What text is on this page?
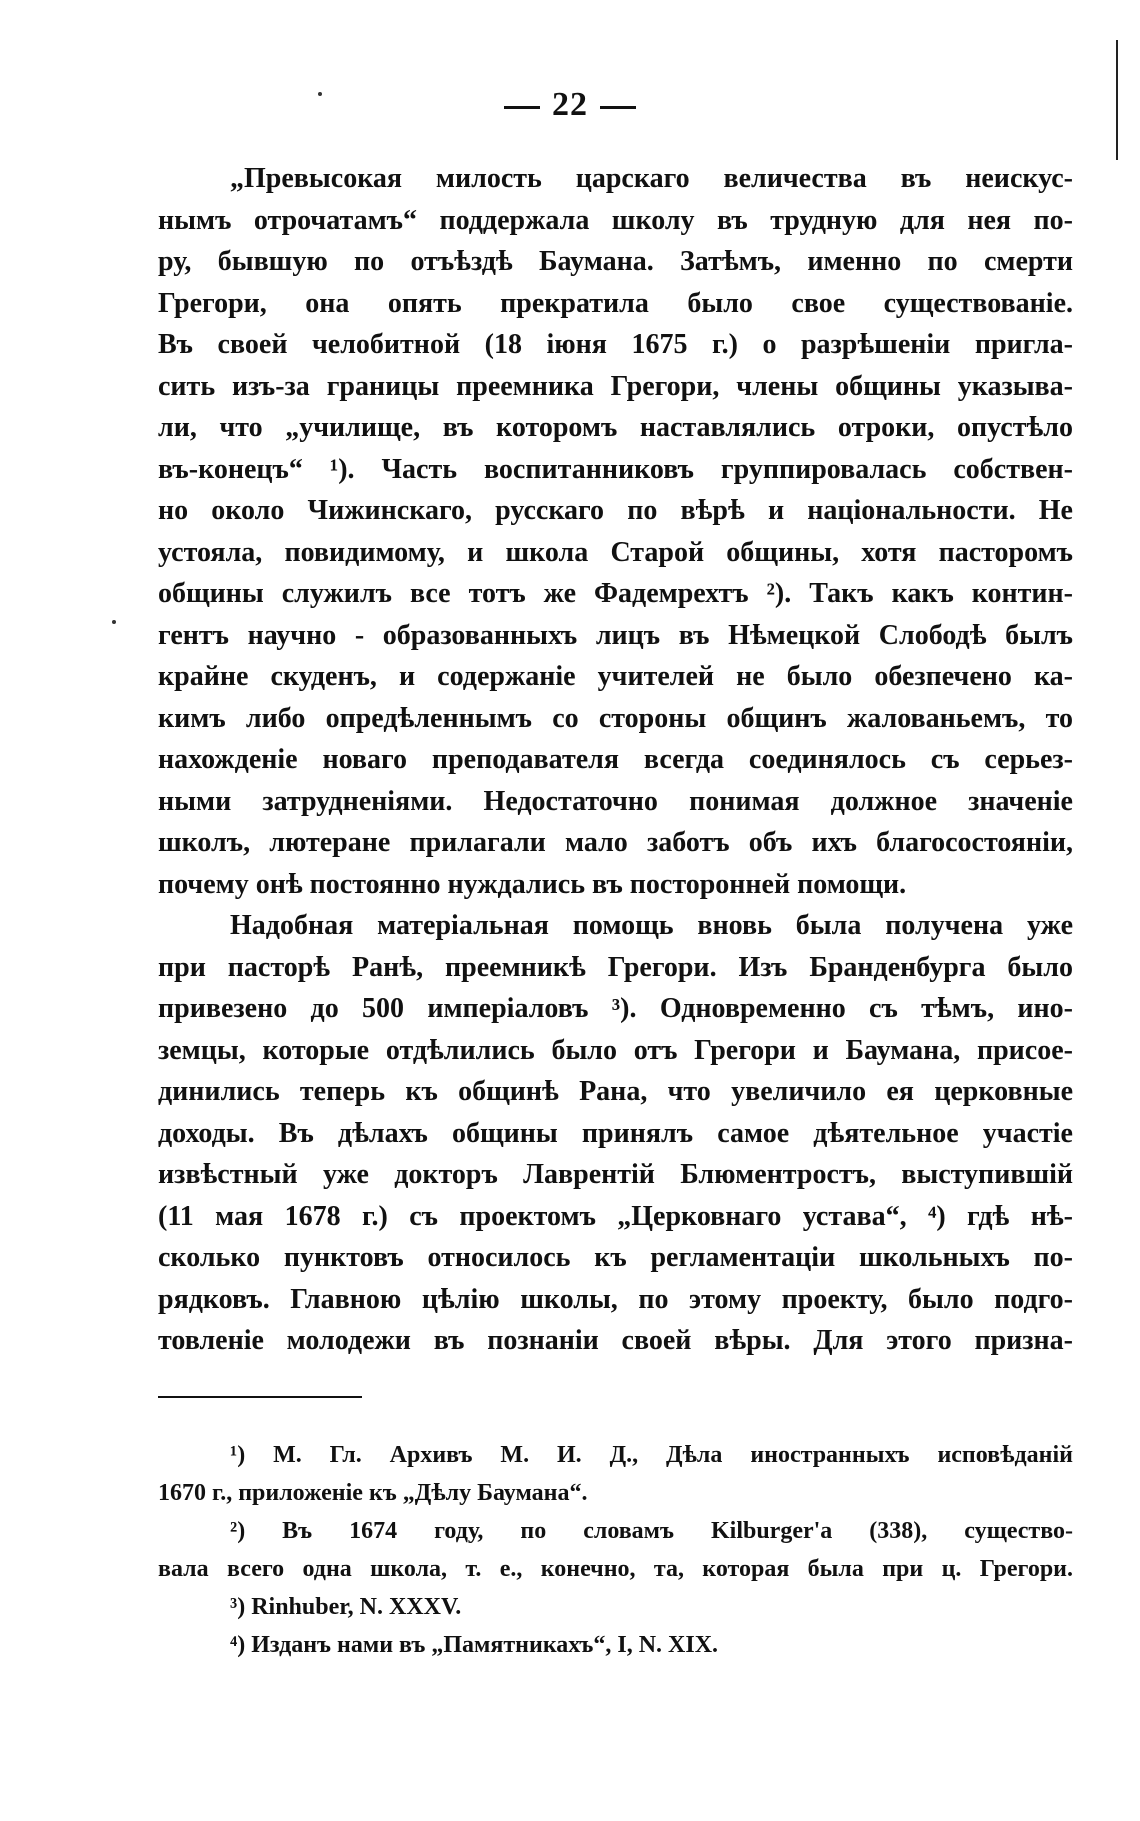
22
„Превысокая милость царскаго величества въ неискус-
нымъ отрочатамъ“ поддержала школу въ трудную для нея по-
ру, бывшую по отъѣздѣ Баумана. Затѣмъ, именно по смерти
Грегори, она опять прекратила было свое существованіе.
Въ своей челобитной (18 іюня 1675 г.) о разрѣшеніи пригла-
сить изъ-за границы преемника Грегори, члены общины указыва-
ли, что „училище, въ которомъ наставлялись отроки, опустѣло
въ-конецъ“ ¹). Часть воспитанниковъ группировалась собствен-
но около Чижинскаго, русскаго по вѣрѣ и національности. Не
устояла, повидимому, и школа Старой общины, хотя пасторомъ
общины служилъ все тотъ же Фадемрехтъ ²). Такъ какъ контин-
гентъ научно - образованныхъ лицъ въ Нѣмецкой Слободѣ былъ
крайне скуденъ, и содержаніе учителей не было обезпечено ка-
кимъ либо опредѣленнымъ со стороны общинъ жалованьемъ, то
нахожденіе новаго преподавателя всегда соединялось съ серьез-
ными затрудненіями. Недостаточно понимая должное значеніе
школъ, лютеране прилагали мало заботъ объ ихъ благосостояніи,
почему онѣ постоянно нуждались въ посторонней помощи.
Надобная матеріальная помощь вновь была получена уже
при пасторѣ Ранѣ, преемникѣ Грегори. Изъ Бранденбурга было
привезено до 500 имперіаловъ ³). Одновременно съ тѣмъ, ино-
земцы, которые отдѣлились было отъ Грегори и Баумана, присое-
динились теперь къ общинѣ Рана, что увеличило ея церковные
доходы. Въ дѣлахъ общины принялъ самое дѣятельное участіе
извѣстный уже докторъ Лаврентій Блюментростъ, выступившій
(11 мая 1678 г.) съ проектомъ „Церковнаго устава“, ⁴) гдѣ нѣ-
сколько пунктовъ относилось къ регламентаціи школьныхъ по-
рядковъ. Главною цѣлію школы, по этому проекту, было подго-
товленіе молодежи въ познаніи своей вѣры. Для этого призна-
¹) М. Гл. Архивъ М. И. Д., Дѣла иностранныхъ исповѣданій
1670 г., приложеніе къ „Дѣлу Баумана“.
²) Въ 1674 году, по словамъ Kilburger'а (338), существо-
вала всего одна школа, т. е., конечно, та, которая была при ц. Грегори.
³) Rinhuber, N. XXXV.
⁴) Изданъ нами въ „Памятникахъ“, I, N. XIX.
